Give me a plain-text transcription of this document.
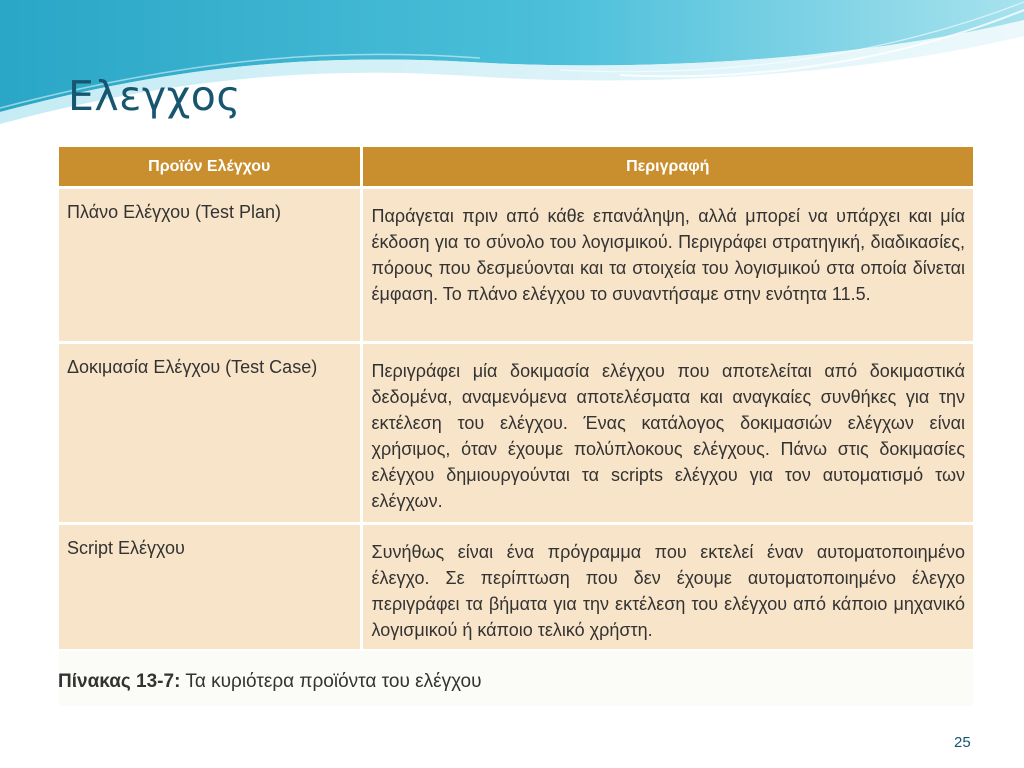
Ελεγχος
Προϊόν Ελέγχου	Περιγραφή
Πλάνο Ελέγχου (Test Plan)	Παράγεται πριν από κάθε επανάληψη, αλλά μπορεί να υπάρχει και μία έκδοση για το σύνολο του λογισμικού. Περιγράφει στρατηγική, διαδικασίες, πόρους που δεσμεύονται και τα στοιχεία του λογισμικού στα οποία δίνεται έμφαση. Το πλάνο ελέγχου το συναντήσαμε στην ενότητα 11.5.
Δοκιμασία Ελέγχου (Test Case)	Περιγράφει μία δοκιμασία ελέγχου που αποτελείται από δοκιμαστικά δεδομένα, αναμενόμενα αποτελέσματα και αναγκαίες συνθήκες για την εκτέλεση του ελέγχου. Ένας κατάλογος δοκιμασιών ελέγχων είναι χρήσιμος, όταν έχουμε πολύπλοκους ελέγχους. Πάνω στις δοκιμασίες ελέγχου δημιουργούνται τα scripts ελέγχου για τον αυτοματισμό των ελέγχων.
Script Ελέγχου	Συνήθως είναι ένα πρόγραμμα που εκτελεί έναν αυτοματοποιημένο έλεγχο. Σε περίπτωση που δεν έχουμε αυτοματοποιημένο έλεγχο περιγράφει τα βήματα για την εκτέλεση του ελέγχου από κάποιο μηχανικό λογισμικού ή κάποιο τελικό χρήστη.
Πίνακας 13-7: Τα κυριότερα προϊόντα του ελέγχου
25
